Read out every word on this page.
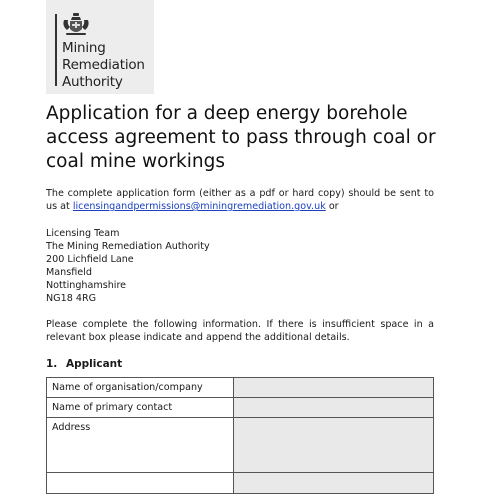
Mining
Remediation
Authority
Application for a deep energy borehole
access agreement to pass through coal or
coal mine workings

The complete application form (either as a pdf or hard copy) should be sent to us at licensingandpermissions@miningremediation.gov.uk or

Licensing Team
The Mining Remediation Authority
200 Lichfield Lane
Mansfield
Nottinghamshire
NG18 4RG

Please complete the following information. If there is insufficient space in a relevant box please indicate and append the additional details.

1. Applicant
Name of organisation/company	
Name of primary contact	
Address	
